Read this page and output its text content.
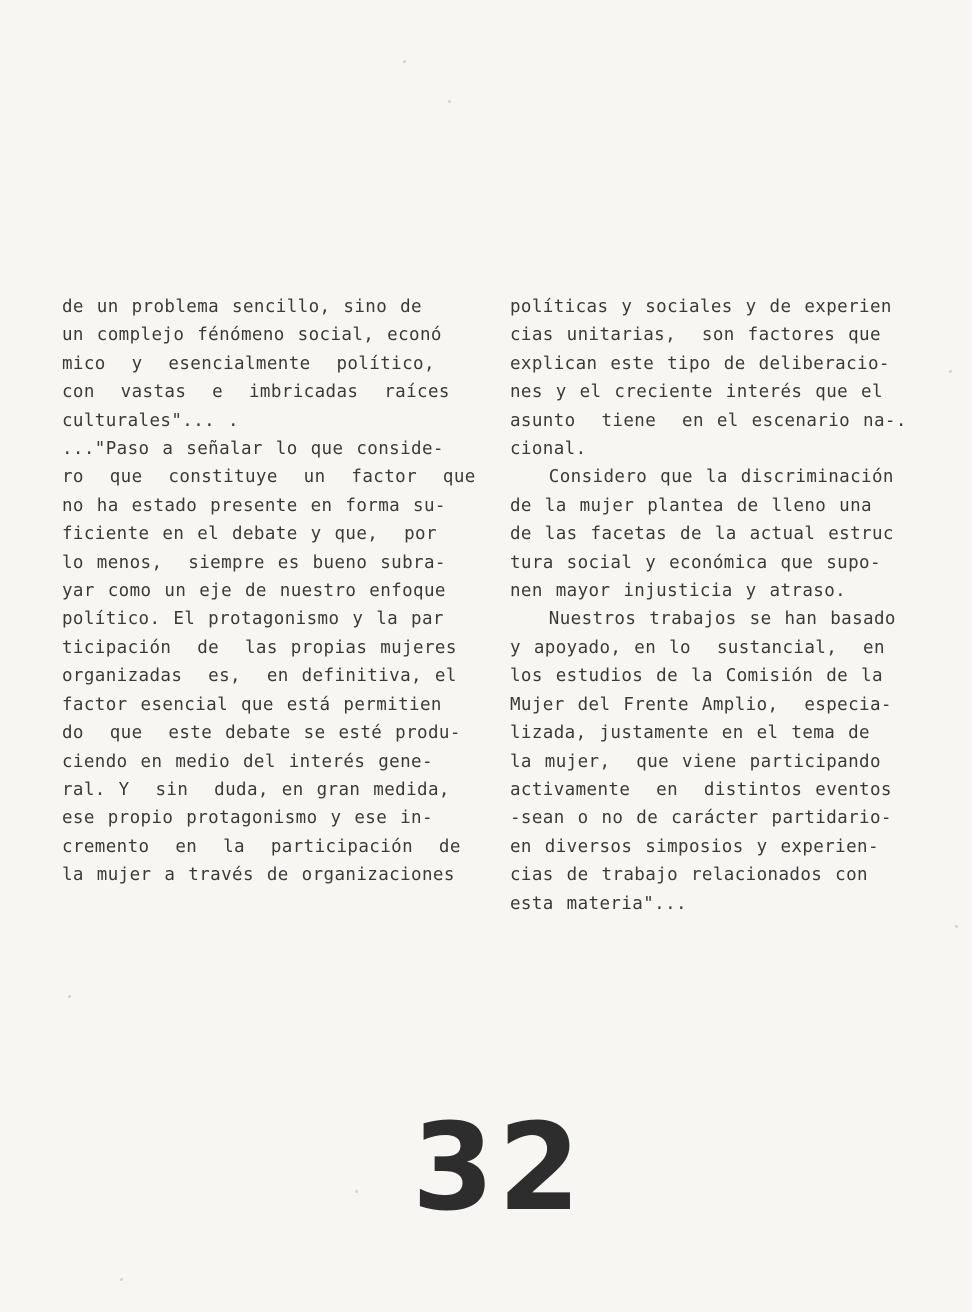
de un problema sencillo, sino de
un complejo fénómeno social, econó
mico  y  esencialmente  político,
con  vastas  e  imbricadas  raíces
culturales"... .
..."Paso a señalar lo que conside-
ro  que  constituye  un  factor  que
no ha estado presente en forma su-
ficiente en el debate y que,  por
lo menos,  siempre es bueno subra-
yar como un eje de nuestro enfoque
político. El protagonismo y la par
ticipación  de  las propias mujeres
organizadas  es,  en definitiva, el
factor esencial que está permitien
do  que  este debate se esté produ-
ciendo en medio del interés gene-
ral. Y  sin  duda, en gran medida,
ese propio protagonismo y ese in-
cremento  en  la  participación  de
la mujer a través de organizaciones
políticas y sociales y de experien
cias unitarias,  son factores que
explican este tipo de deliberacio-
nes y el creciente interés que el
asunto  tiene  en el escenario na-.
cional.
Considero que la discriminación
de la mujer plantea de lleno una
de las facetas de la actual estruc
tura social y económica que supo-
nen mayor injusticia y atraso.
Nuestros trabajos se han basado
y apoyado, en lo  sustancial,  en
los estudios de la Comisión de la
Mujer del Frente Amplio,  especia-
lizada, justamente en el tema de
la mujer,  que viene participando
activamente  en  distintos eventos
-sean o no de carácter partidario-
en diversos simposios y experien-
cias de trabajo relacionados con
esta materia"...
32
